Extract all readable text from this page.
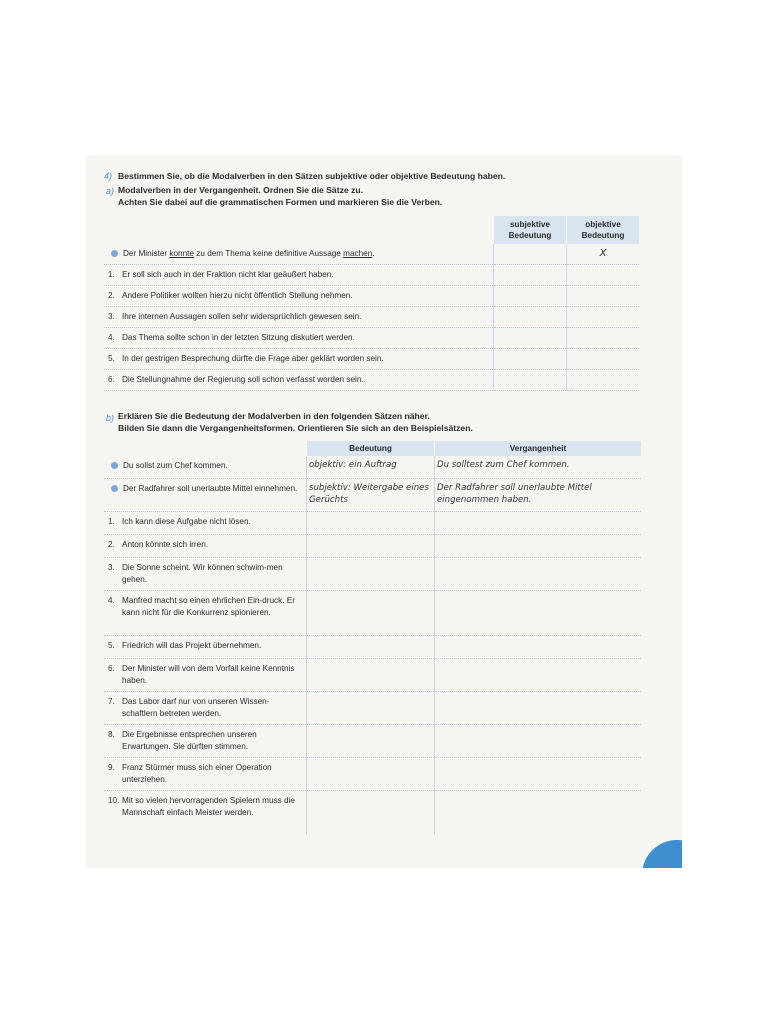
4) Bestimmen Sie, ob die Modalverben in den Sätzen subjektive oder objektive Bedeutung haben.
a) Modalverben in der Vergangenheit. Ordnen Sie die Sätze zu.
Achten Sie dabei auf die grammatischen Formen und markieren Sie die Verben.
	subjektive Bedeutung	objektive Bedeutung
Der Minister konnte zu dem Thema keine definitive Aussage machen.		X
1. Er soll sich auch in der Fraktion nicht klar geäußert haben.		
2. Andere Politiker wollten hierzu nicht öffentlich Stellung nehmen.		
3. Ihre internen Aussagen sollen sehr widersprüchlich gewesen sein.		
4. Das Thema sollte schon in der letzten Sitzung diskutiert werden.		
5. In der gestrigen Besprechung dürfte die Frage aber geklärt worden sein.		
6. Die Stellungnahme der Regierung soll schon verfasst worden sein.		
b) Erklären Sie die Bedeutung der Modalverben in den folgenden Sätzen näher.
Bilden Sie dann die Vergangenheitsformen. Orientieren Sie sich an den Beispielsätzen.
	Bedeutung	Vergangenheit
Du sollst zum Chef kommen.	objektiv: ein Auftrag	Du solltest zum Chef kommen.
Der Radfahrer soll unerlaubte Mittel einnehmen.	subjektiv: Weitergabe eines Gerüchts	Der Radfahrer soll unerlaubte Mittel eingenommen haben.
1. Ich kann diese Aufgabe nicht lösen.		
2. Anton könnte sich irren.		
3. Die Sonne scheint. Wir können schwim-men gehen.		
4. Manfred macht so einen ehrlichen Ein-druck. Er kann nicht für die Konkurrenz spionieren.		
5. Friedrich will das Projekt übernehmen.		
6. Der Minister will von dem Vorfall keine Kenntnis haben.		
7. Das Labor darf nur von unseren Wissen-schaftlern betreten werden.		
8. Die Ergebnisse entsprechen unseren Erwartungen. Sie dürften stimmen.		
9. Franz Stürmer muss sich einer Operation unterziehen.		
10. Mit so vielen hervorragenden Spielern muss die Mannschaft einfach Meister werden.		
